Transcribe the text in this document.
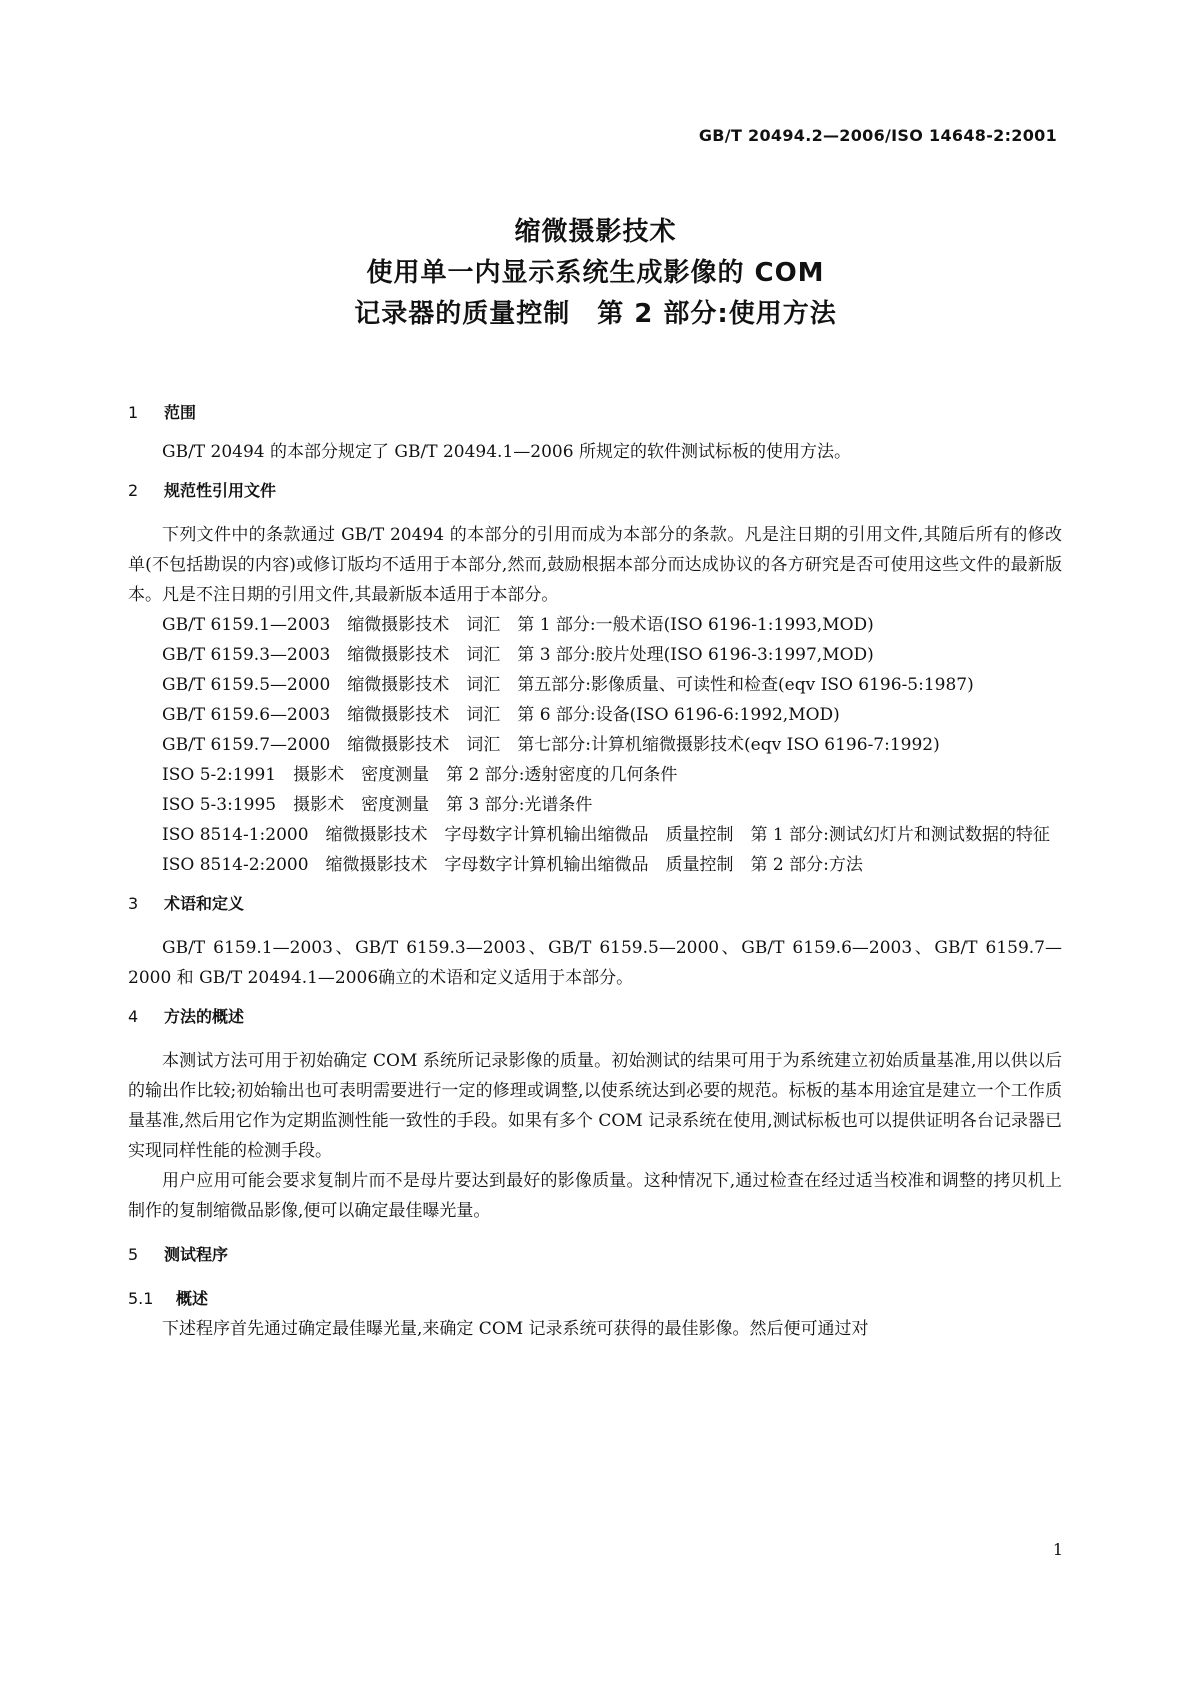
GB/T 20494.2—2006/ISO 14648-2:2001
缩微摄影技术
使用单一内显示系统生成影像的 COM
记录器的质量控制　第 2 部分:使用方法
1 范围

GB/T 20494 的本部分规定了 GB/T 20494.1—2006 所规定的软件测试标板的使用方法。

2 规范性引用文件

下列文件中的条款通过 GB/T 20494 的本部分的引用而成为本部分的条款。凡是注日期的引用文件,其随后所有的修改单(不包括勘误的内容)或修订版均不适用于本部分,然而,鼓励根据本部分而达成协议的各方研究是否可使用这些文件的最新版本。凡是不注日期的引用文件,其最新版本适用于本部分。

GB/T 6159.1—2003　缩微摄影技术　词汇　第 1 部分:一般术语(ISO 6196-1:1993,MOD)

GB/T 6159.3—2003　缩微摄影技术　词汇　第 3 部分:胶片处理(ISO 6196-3:1997,MOD)

GB/T 6159.5—2000　缩微摄影技术　词汇　第五部分:影像质量、可读性和检查(eqv ISO 6196-5:1987)

GB/T 6159.6—2003　缩微摄影技术　词汇　第 6 部分:设备(ISO 6196-6:1992,MOD)

GB/T 6159.7—2000　缩微摄影技术　词汇　第七部分:计算机缩微摄影技术(eqv ISO 6196-7:1992)

ISO 5-2:1991　摄影术　密度测量　第 2 部分:透射密度的几何条件

ISO 5-3:1995　摄影术　密度测量　第 3 部分:光谱条件

ISO 8514-1:2000　缩微摄影技术　字母数字计算机输出缩微品　质量控制　第 1 部分:测试幻灯片和测试数据的特征

ISO 8514-2:2000　缩微摄影技术　字母数字计算机输出缩微品　质量控制　第 2 部分:方法

3 术语和定义

GB/T 6159.1—2003、GB/T 6159.3—2003、GB/T 6159.5—2000、GB/T 6159.6—2003、GB/T 6159.7—2000 和 GB/T 20494.1—2006确立的术语和定义适用于本部分。

4 方法的概述

本测试方法可用于初始确定 COM 系统所记录影像的质量。初始测试的结果可用于为系统建立初始质量基准,用以供以后的输出作比较;初始输出也可表明需要进行一定的修理或调整,以使系统达到必要的规范。标板的基本用途宜是建立一个工作质量基准,然后用它作为定期监测性能一致性的手段。如果有多个 COM 记录系统在使用,测试标板也可以提供证明各台记录器已实现同样性能的检测手段。

用户应用可能会要求复制片而不是母片要达到最好的影像质量。这种情况下,通过检查在经过适当校准和调整的拷贝机上制作的复制缩微品影像,便可以确定最佳曝光量。

5 测试程序
5.1 概述

下述程序首先通过确定最佳曝光量,来确定 COM 记录系统可获得的最佳影像。然后便可通过对

1
